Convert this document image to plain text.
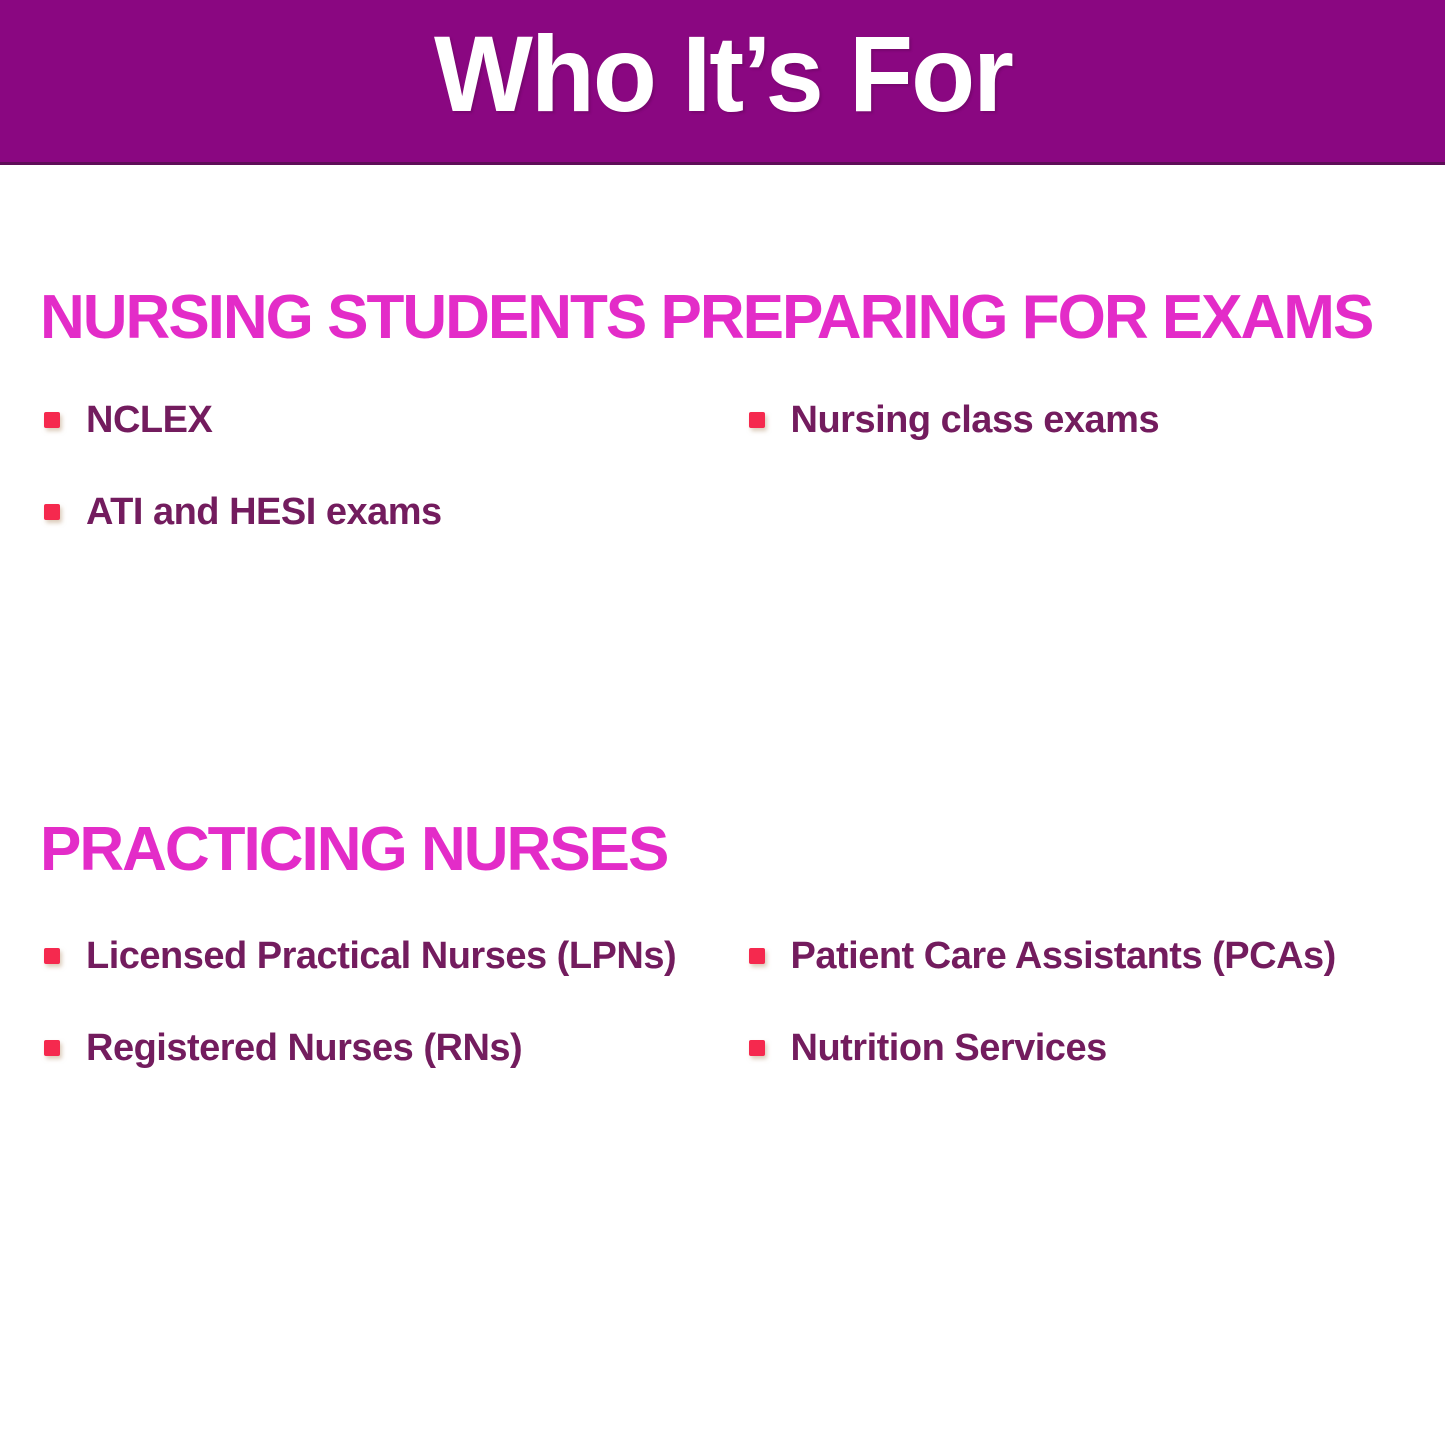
Who It’s For
NURSING STUDENTS PREPARING FOR EXAMS
NCLEX
ATI and HESI exams
Nursing class exams
PRACTICING NURSES
Licensed Practical Nurses (LPNs)
Registered Nurses (RNs)
Patient Care Assistants (PCAs)
Nutrition Services
